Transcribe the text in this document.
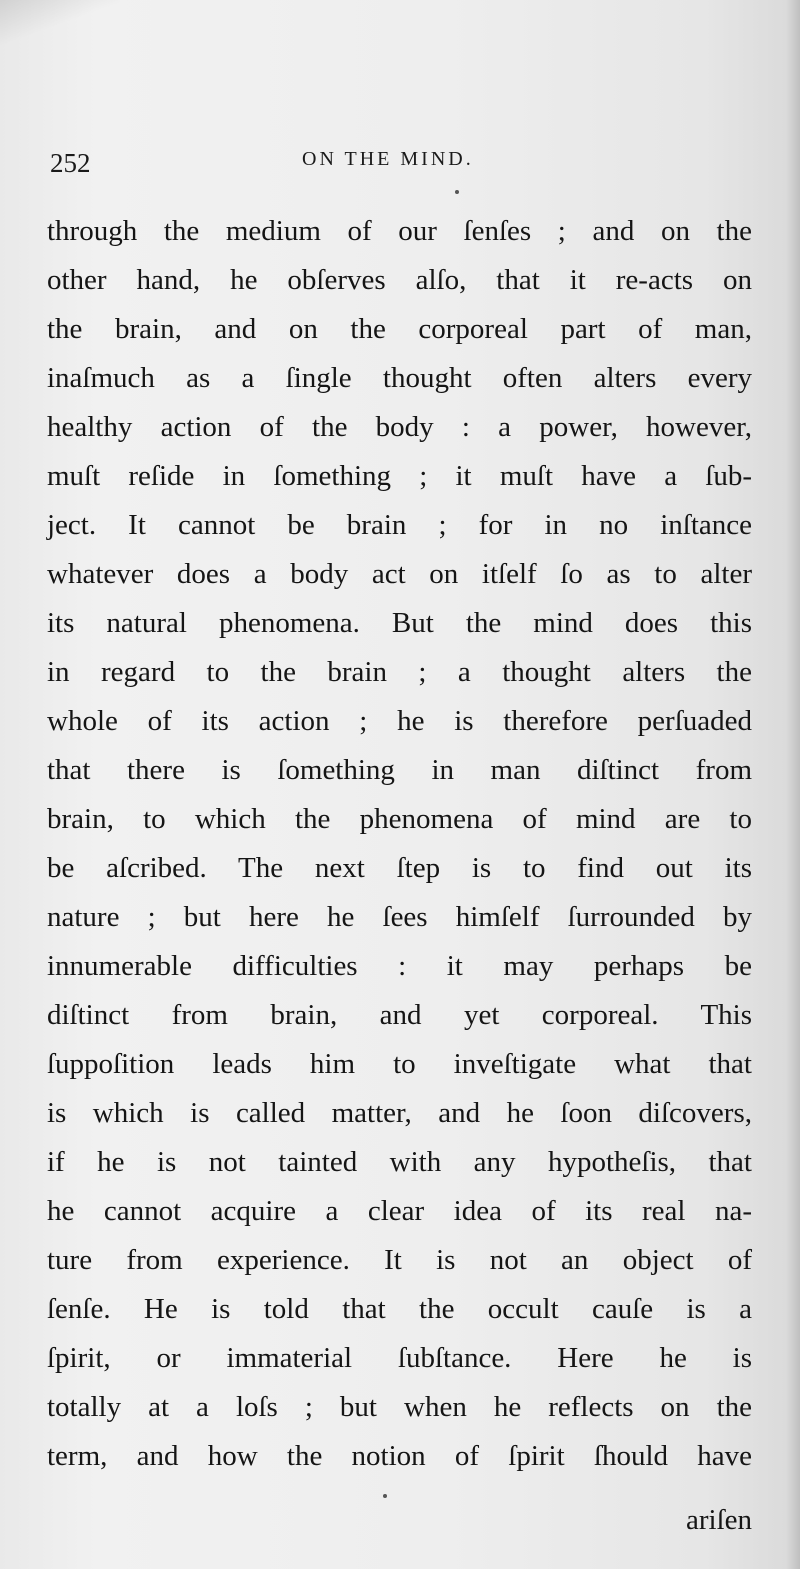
252	ON THE MIND.
through the medium of our ſenſes ; and on the
other hand, he obſerves alſo, that it re-acts on
the brain, and on the corporeal part of man,
inaſmuch as a ſingle thought often alters every
healthy action of the body : a power, however,
muſt reſide in ſomething ; it muſt have a ſub-
ject. It cannot be brain ; for in no inſtance
whatever does a body act on itſelf ſo as to alter
its natural phenomena. But the mind does this
in regard to the brain ; a thought alters the
whole of its action ; he is therefore perſuaded
that there is ſomething in man diſtinct from
brain, to which the phenomena of mind are to
be aſcribed. The next ſtep is to find out its
nature ; but here he ſees himſelf ſurrounded by
innumerable difficulties : it may perhaps be
diſtinct from brain, and yet corporeal. This
ſuppoſition leads him to inveſtigate what that
is which is called matter, and he ſoon diſcovers,
if he is not tainted with any hypotheſis, that
he cannot acquire a clear idea of its real na-
ture from experience. It is not an object of
ſenſe. He is told that the occult cauſe is a
ſpirit, or immaterial ſubſtance. Here he is
totally at a loſs ; but when he reflects on the
term, and how the notion of ſpirit ſhould have
ariſen
